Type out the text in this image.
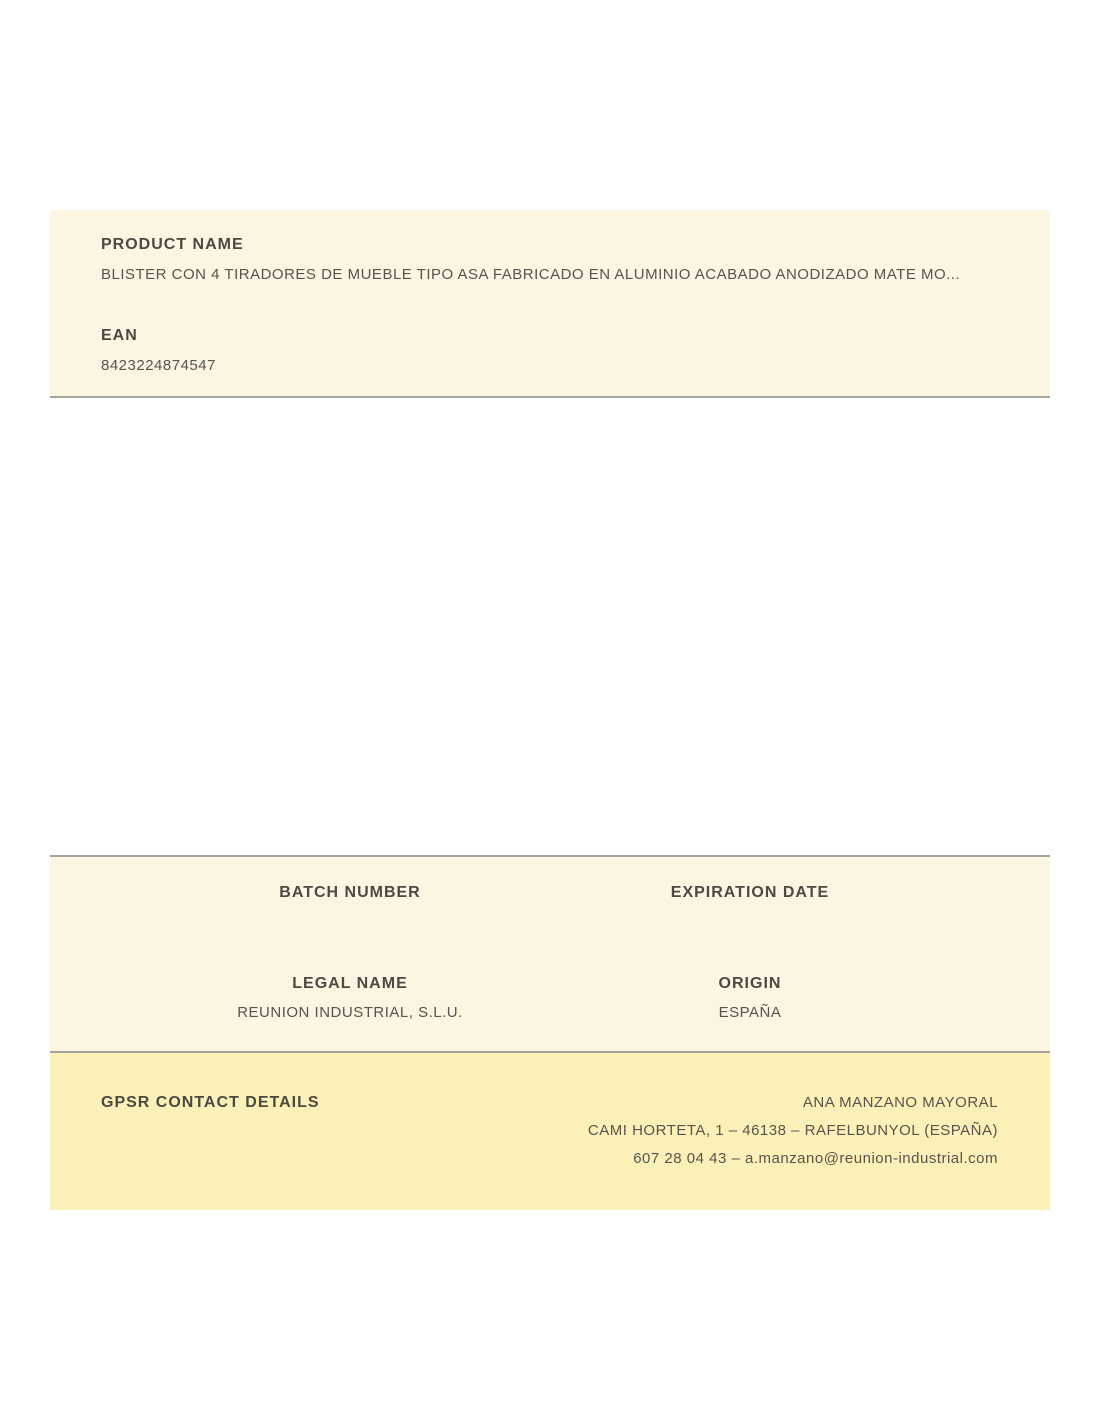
PRODUCT NAME
BLISTER CON 4 TIRADORES DE MUEBLE TIPO ASA FABRICADO EN ALUMINIO ACABADO ANODIZADO MATE MO...
EAN
8423224874547
BATCH NUMBER	EXPIRATION DATE
LEGAL NAME
REUNION INDUSTRIAL, S.L.U.
ORIGIN
ESPAÑA
GPSR CONTACT DETAILS	ANA MANZANO MAYORAL
CAMI HORTETA, 1 – 46138 – RAFELBUNYOL (ESPAÑA)
607 28 04 43 – a.manzano@reunion-industrial.com
